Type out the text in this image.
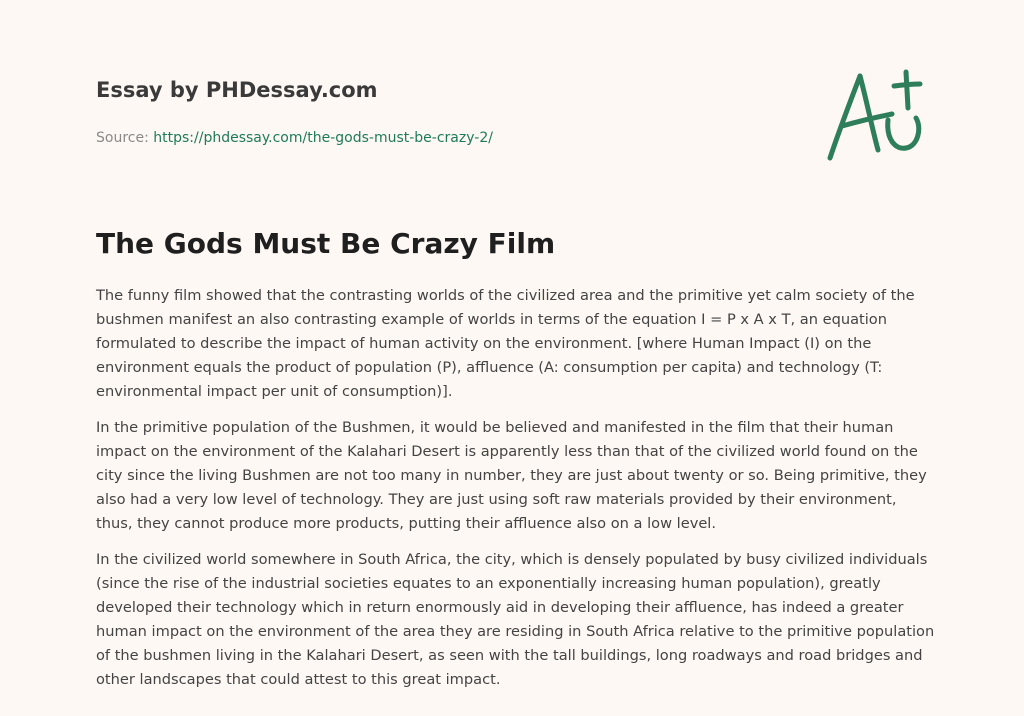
Essay by PHDessay.com
Source: https://phdessay.com/the-gods-must-be-crazy-2/
The Gods Must Be Crazy Film

The funny film showed that the contrasting worlds of the civilized area and the primitive yet calm society of the bushmen manifest an also contrasting example of worlds in terms of the equation I = P x A x T, an equation formulated to describe the impact of human activity on the environment. [where Human Impact (I) on the environment equals the product of population (P), affluence (A: consumption per capita) and technology (T: environmental impact per unit of consumption)].

In the primitive population of the Bushmen, it would be believed and manifested in the film that their human impact on the environment of the Kalahari Desert is apparently less than that of the civilized world found on the city since the living Bushmen are not too many in number, they are just about twenty or so. Being primitive, they also had a very low level of technology. They are just using soft raw materials provided by their environment, thus, they cannot produce more products, putting their affluence also on a low level.

In the civilized world somewhere in South Africa, the city, which is densely populated by busy civilized individuals (since the rise of the industrial societies equates to an exponentially increasing human population), greatly developed their technology which in return enormously aid in developing their affluence, has indeed a greater human impact on the environment of the area they are residing in South Africa relative to the primitive population of the bushmen living in the Kalahari Desert, as seen with the tall buildings, long roadways and road bridges and other landscapes that could attest to this great impact.
